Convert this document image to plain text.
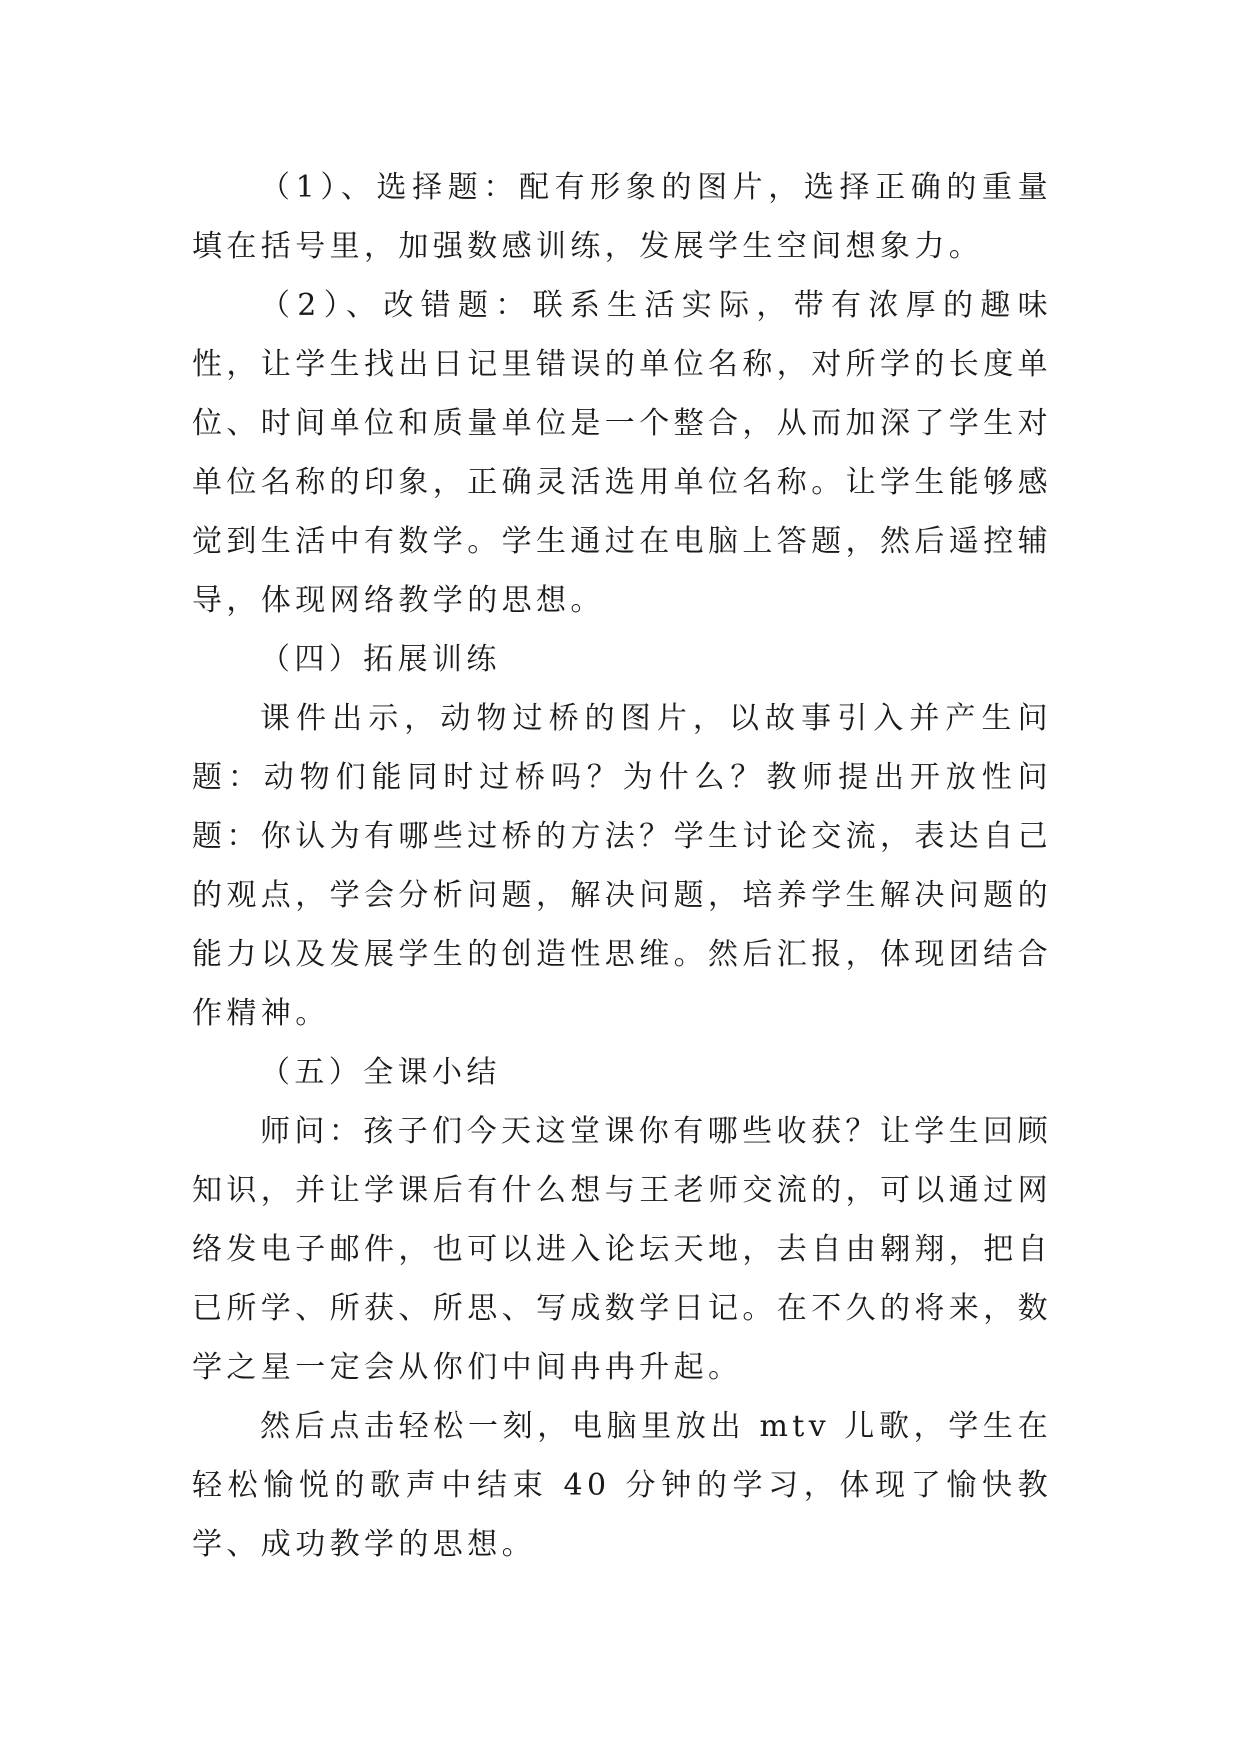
（1）、选择题：配有形象的图片，选择正确的重量填在括号里，加强数感训练，发展学生空间想象力。

（2）、改错题：联系生活实际，带有浓厚的趣味性，让学生找出日记里错误的单位名称，对所学的长度单位、时间单位和质量单位是一个整合，从而加深了学生对单位名称的印象，正确灵活选用单位名称。让学生能够感觉到生活中有数学。学生通过在电脑上答题，然后遥控辅导，体现网络教学的思想。

（四）拓展训练

课件出示，动物过桥的图片，以故事引入并产生问题：动物们能同时过桥吗？为什么？教师提出开放性问题：你认为有哪些过桥的方法？学生讨论交流，表达自己的观点，学会分析问题，解决问题，培养学生解决问题的能力以及发展学生的创造性思维。然后汇报，体现团结合作精神。

（五）全课小结

师问：孩子们今天这堂课你有哪些收获？让学生回顾知识，并让学课后有什么想与王老师交流的，可以通过网络发电子邮件，也可以进入论坛天地，去自由翱翔，把自已所学、所获、所思、写成数学日记。在不久的将来，数学之星一定会从你们中间冉冉升起。

然后点击轻松一刻，电脑里放出 mtv 儿歌，学生在轻松愉悦的歌声中结束 40 分钟的学习，体现了愉快教学、成功教学的思想。
